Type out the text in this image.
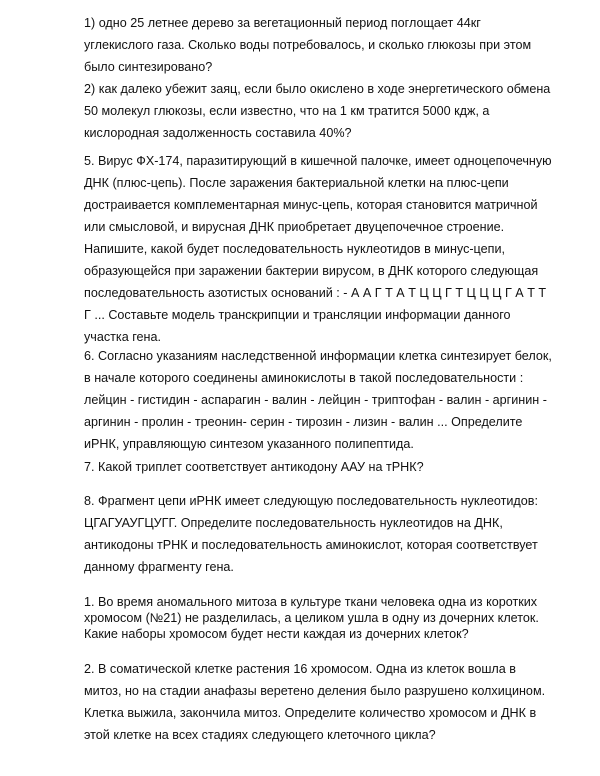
1) одно 25 летнее дерево за вегетационный период поглощает 44кг
углекислого газа. Сколько воды потребовалось, и сколько глюкозы при этом
было синтезировано?
2) как далеко убежит заяц, если было окислено в ходе энергетического обмена
50 молекул глюкозы, если известно, что на 1 км тратится 5000 кдж, а
кислородная задолженность составила 40%?
5. Вирус ФХ-174, паразитирующий в кишечной палочке, имеет одноцепочечную
ДНК (плюс-цепь). После заражения бактериальной клетки на плюс-цепи
достраивается комплементарная минус-цепь, которая становится матричной
или смысловой, и вирусная ДНК приобретает двуцепочечное строение.
Напишите, какой будет последовательность нуклеотидов в минус-цепи,
образующейся при заражении бактерии вирусом, в ДНК которого следующая
последовательность азотистых оснований : - А А Г Т А Т Ц Ц Г Т Ц Ц Ц Г А Т Т
Г ... Составьте модель транскрипции и трансляции информации данного
участка гена.
6. Согласно указаниям наследственной информации клетка синтезирует белок,
в начале которого соединены аминокислоты в такой последовательности :
лейцин - гистидин - аспарагин - валин - лейцин - триптофан - валин - аргинин -
аргинин - пролин - треонин- серин - тирозин - лизин - валин ... Определите
иРНК, управляющую синтезом указанного полипептида.
7. Какой триплет соответствует антикодону ААУ на тРНК?
8. Фрагмент цепи иРНК имеет следующую последовательность нуклеотидов:
ЦГАГУАУГЦУГГ. Определите последовательность нуклеотидов на ДНК,
антикодоны тРНК и последовательность аминокислот, которая соответствует
данному фрагменту гена.
1. Во время аномального митоза в культуре ткани человека одна из коротких
хромосом (№21) не разделилась, а целиком ушла в одну из дочерних клеток.
Какие наборы хромосом будет нести каждая из дочерних клеток?
2. В соматической клетке растения 16 хромосом. Одна из клеток вошла в
митоз, но на стадии анафазы веретено деления было разрушено колхицином.
Клетка выжила, закончила митоз. Определите количество хромосом и ДНК в
этой клетке на всех стадиях следующего клеточного цикла?
